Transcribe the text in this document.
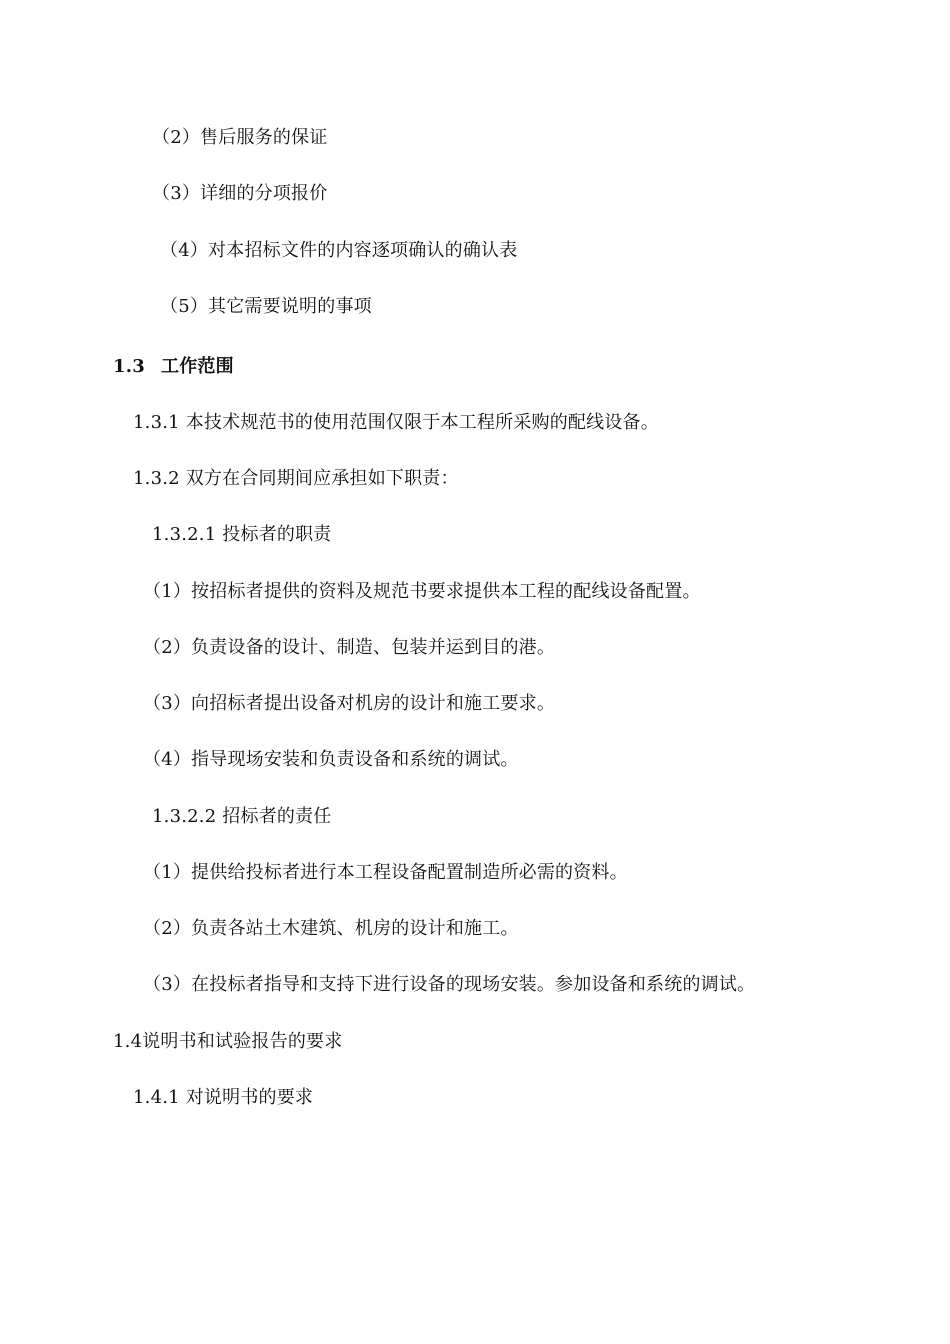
（2）售后服务的保证
（3）详细的分项报价
（4）对本招标文件的内容逐项确认的确认表
（5）其它需要说明的事项
1.3 工作范围
1.3.1 本技术规范书的使用范围仅限于本工程所采购的配线设备。
1.3.2 双方在合同期间应承担如下职责：
1.3.2.1 投标者的职责
（1）按招标者提供的资料及规范书要求提供本工程的配线设备配置。
（2）负责设备的设计、制造、包装并运到目的港。
（3）向招标者提出设备对机房的设计和施工要求。
（4）指导现场安装和负责设备和系统的调试。
1.3.2.2 招标者的责任
（1）提供给投标者进行本工程设备配置制造所必需的资料。
（2）负责各站土木建筑、机房的设计和施工。
（3）在投标者指导和支持下进行设备的现场安装。参加设备和系统的调试。
1.4说明书和试验报告的要求
1.4.1 对说明书的要求
